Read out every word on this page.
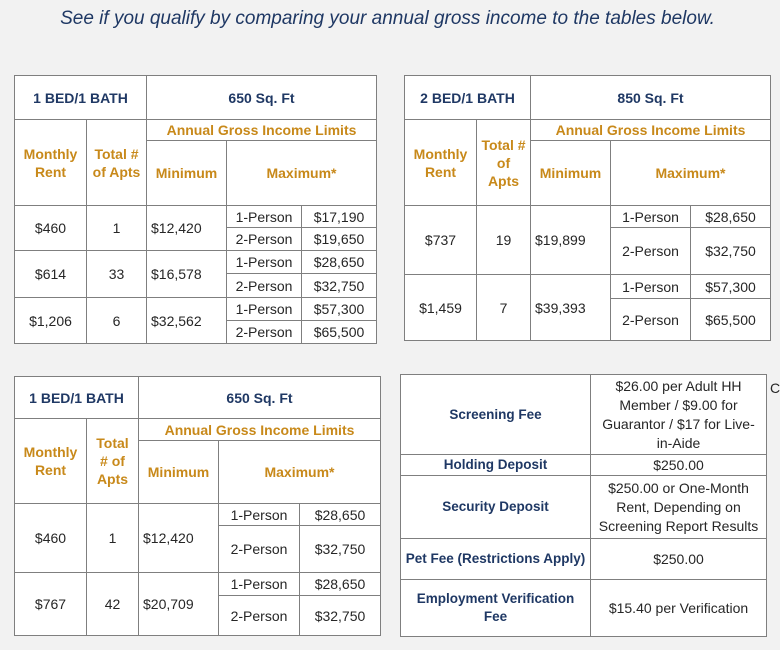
See if you qualify by comparing your annual gross income to the tables below.
1 BED/1 BATH		650 Sq. Ft		
Monthly Rent	Total # of Apts	Annual Gross Income Limits		
		Minimum	Maximum*	
$460	1	$12,420	1-Person	$17,190
			2-Person	$19,650
$614	33	$16,578	1-Person	$28,650
			2-Person	$32,750
$1,206	6	$32,562	1-Person	$57,300
			2-Person	$65,500
2 BED/1 BATH		850 Sq. Ft		
Monthly Rent	Total # of Apts	Annual Gross Income Limits		
		Minimum	Maximum*	
$737	19	$19,899	1-Person	$28,650
			2-Person	$32,750
$1,459	7	$39,393	1-Person	$57,300
			2-Person	$65,500
1 BED/1 BATH		650 Sq. Ft		
Monthly Rent	Total # of Apts	Annual Gross Income Limits		
		Minimum	Maximum*	
$460	1	$12,420	1-Person	$28,650
			2-Person	$32,750
$767	42	$20,709	1-Person	$28,650
			2-Person	$32,750
Screening Fee	$26.00 per Adult HH Member / $9.00 for Guarantor / $17 for Live-in-Aide
Holding Deposit	$250.00
Security Deposit	$250.00 or One-Month Rent, Depending on Screening Report Results
Pet Fee (Restrictions Apply)	$250.00
Employment Verification Fee	$15.40 per Verification
C
